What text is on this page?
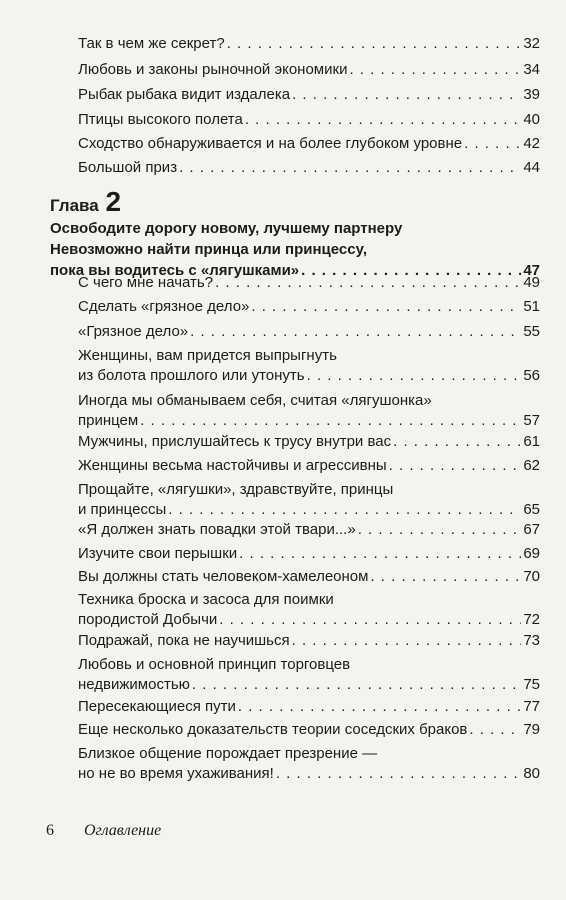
Так в чем же секрет? . . .	32
Любовь и законы рыночной экономики . . .	34
Рыбак рыбака видит издалека . . .	39
Птицы высокого полета . . .	40
Сходство обнаруживается и на более глубоком уровне . . .	42
Большой приз . . .	44
Глава 2
Освободите дорогу новому, лучшему партнеру
Невозможно найти принца или принцессу,
пока вы водитесь с «лягушками» . . .	47
С чего мне начать? . . .	49
Сделать «грязное дело» . . .	51
«Грязное дело» . . .	55
Женщины, вам придется выпрыгнуть
из болота прошлого или утонуть . . .	56
Иногда мы обманываем себя, считая «лягушонка»
принцем . . .	57
Мужчины, прислушайтесь к трусу внутри вас . . .	61
Женщины весьма настойчивы и агрессивны . . .	62
Прощайте, «лягушки», здравствуйте, принцы
и принцессы . . .	65
«Я должен знать повадки этой твари...» . . .	67
Изучите свои перышки . . .	69
Вы должны стать человеком-хамелеоном . . .	70
Техника броска и засоса для поимки
породистой Добычи . . .	72
Подражай, пока не научишься . . .	73
Любовь и основной принцип торговцев
недвижимостью . . .	75
Пересекающиеся пути . . .	77
Еще несколько доказательств теории соседских браков . . .	79
Близкое общение порождает презрение —
но не во время ухаживания! . . .	80
6 Оглавление
